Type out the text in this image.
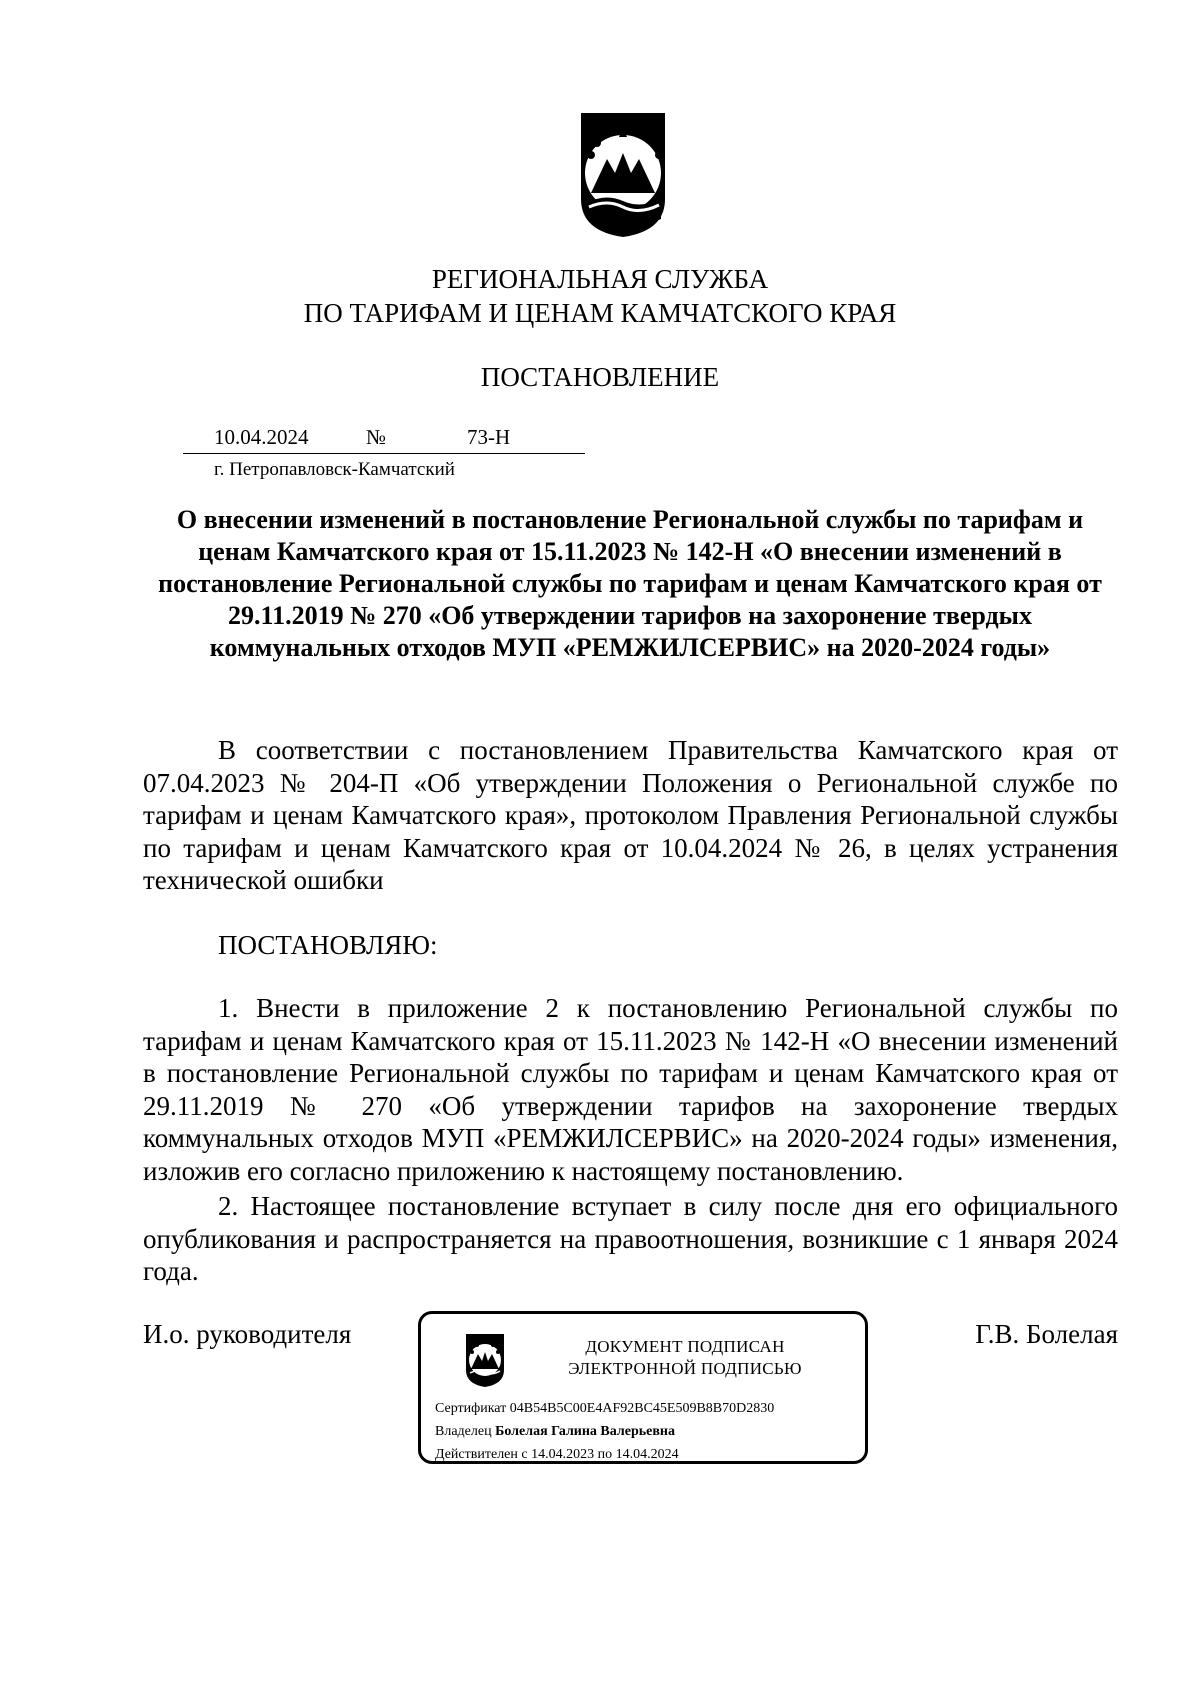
РЕГИОНАЛЬНАЯ СЛУЖБА
ПО ТАРИФАМ И ЦЕНАМ КАМЧАТСКОГО КРАЯ
ПОСТАНОВЛЕНИЕ
10.04.2024	№	73-Н
г. Петропавловск-Камчатский
О внесении изменений в постановление Региональной службы по тарифам и ценам Камчатского края от 15.11.2023 № 142-Н «О внесении изменений в постановление Региональной службы по тарифам и ценам Камчатского края от 29.11.2019 № 270 «Об утверждении тарифов на захоронение твердых коммунальных отходов МУП «РЕМЖИЛСЕРВИС» на 2020-2024 годы»
В соответствии с постановлением Правительства Камчатского края от 07.04.2023 № 204-П «Об утверждении Положения о Региональной службе по тарифам и ценам Камчатского края», протоколом Правления Региональной службы по тарифам и ценам Камчатского края от 10.04.2024 № 26, в целях устранения технической ошибки
ПОСТАНОВЛЯЮ:
1. Внести в приложение 2 к постановлению Региональной службы по тарифам и ценам Камчатского края от 15.11.2023 № 142-Н «О внесении изменений в постановление Региональной службы по тарифам и ценам Камчатского края от 29.11.2019 № 270 «Об утверждении тарифов на захоронение твердых коммунальных отходов МУП «РЕМЖИЛСЕРВИС» на 2020-2024 годы» изменения, изложив его согласно приложению к настоящему постановлению.
2. Настоящее постановление вступает в силу после дня его официального опубликования и распространяется на правоотношения, возникшие с 1 января 2024 года.
И.о. руководителя	ДОКУМЕНТ ПОДПИСАН
ЭЛЕКТРОННОЙ ПОДПИСЬЮ
Сертификат 04B54B5C00E4AF92BC45E509B8B70D2830
Владелец Болелая Галина Валерьевна
Действителен с 14.04.2023 по 14.04.2024
Г.В. Болелая
